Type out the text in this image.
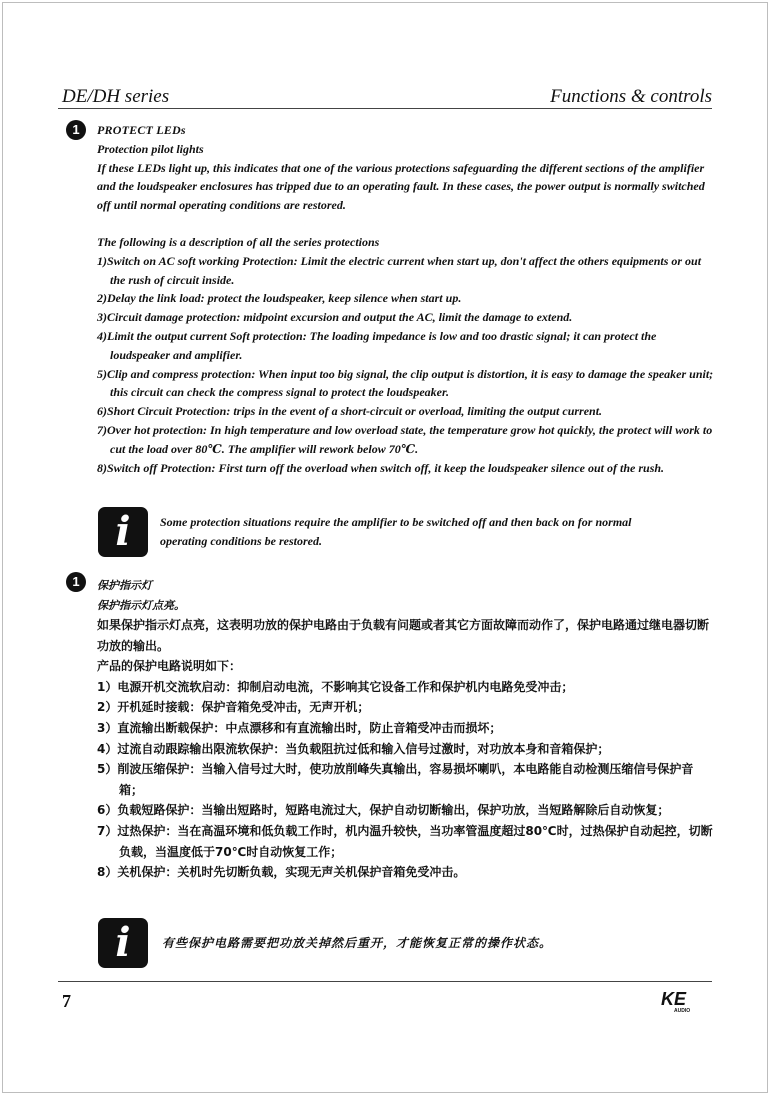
DE/DH series	Functions & controls
1	PROTECT LEDs

Protection pilot lights

If these LEDs light up, this indicates that one of the various protections safeguarding the different sections of the amplifier and the loudspeaker enclosures has tripped due to an operating fault. In these cases, the power output is normally switched off until normal operating conditions are restored.

The following is a description of all the series protections

1)Switch on AC soft working Protection: Limit the electric current when start up, don't affect the others equipments or out the rush of circuit inside.

2)Delay the link load: protect the loudspeaker, keep silence when start up.

3)Circuit damage protection: midpoint excursion and output the AC, limit the damage to extend.

4)Limit the output current Soft protection: The loading impedance is low and too drastic signal; it can protect the loudspeaker and amplifier.

5)Clip and compress protection: When input too big signal, the clip output is distortion, it is easy to damage the speaker unit; this circuit can check the compress signal to protect the loudspeaker.

6)Short Circuit Protection: trips in the event of a short-circuit or overload, limiting the output current.

7)Over hot protection: In high temperature and low overload state, the temperature grow hot quickly, the protect will work to cut the load over 80℃. The amplifier will rework below 70℃.

8)Switch off Protection: First turn off the overload when switch off, it keep the loudspeaker silence out of the rush.

i	Some protection situations require the amplifier to be switched off and then back on for normal operating conditions be restored.

1	保护指示灯
保护指示灯点亮。

如果保护指示灯点亮，这表明功放的保护电路由于负载有问题或者其它方面故障而动作了，保护电路通过继电器切断功放的输出。

产品的保护电路说明如下：

1）电源开机交流软启动：抑制启动电流，不影响其它设备工作和保护机内电路免受冲击；

2）开机延时接载：保护音箱免受冲击，无声开机；

3）直流输出断载保护：中点漂移和有直流输出时，防止音箱受冲击而损坏；

4）过流自动跟踪输出限流软保护：当负载阻抗过低和输入信号过激时，对功放本身和音箱保护；

5）削波压缩保护：当输入信号过大时，使功放削峰失真输出，容易损坏喇叭，本电路能自动检测压缩信号保护音箱；

6）负载短路保护：当输出短路时，短路电流过大，保护自动切断输出，保护功放，当短路解除后自动恢复；

7）过热保护：当在高温环境和低负载工作时，机内温升较快，当功率管温度超过80℃时，过热保护自动起控，切断负载，当温度低于70℃时自动恢复工作；

8）关机保护：关机时先切断负载，实现无声关机保护音箱免受冲击。

i	有些保护电路需要把功放关掉然后重开，才能恢复正常的操作状态。
7	KE
AUDIO
